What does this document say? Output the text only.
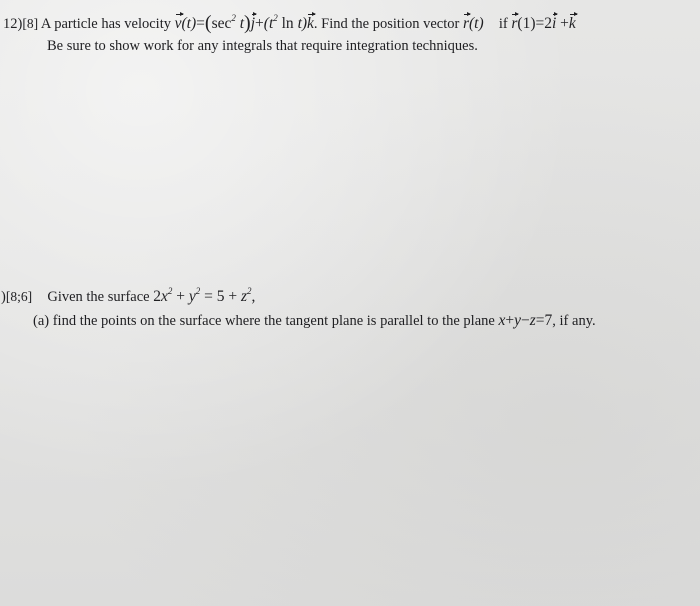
12)[8] A particle has velocity $v(t)=(\sec^2$ $t)j+(t^2$ ln t)k. Find the position vector r(t) if r(1)=2i +k
Be sure to show work for any integrals that require integration techniques.
)[8;6] Given the surface $2x^2 + y^2 = 5 + z^2$,
(a) find the points on the surface where the tangent plane is parallel to the plane x+y−z=7, if any.
